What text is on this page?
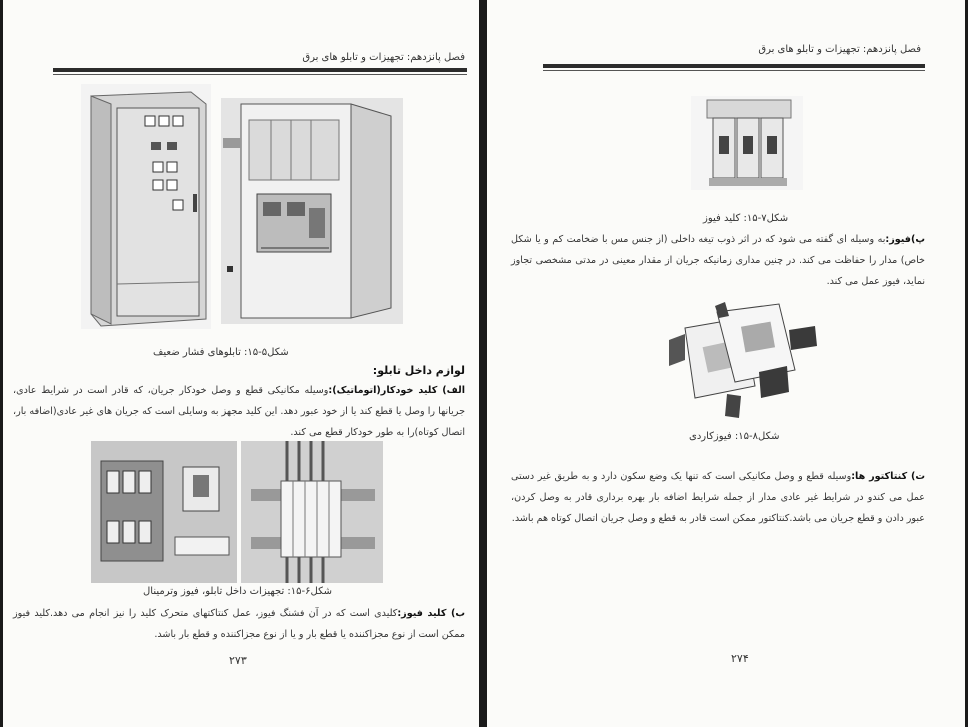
فصل پانزدهم: تجهیزات و تابلو های برق
شکل۵-۱۵: تابلوهای فشار ضعیف
لوازم داخل تابلو:
الف) کلید خودکار(اتوماتیک):وسیله مکانیکی قطع و وصل خودکار جریان، که قادر است در شرایط عادی، جریانها را وصل یا قطع کند یا از خود عبور دهد. این کلید مجهز به وسایلی است که جریان های غیر عادی(اضافه بار، اتصال کوتاه)را به طور خودکار قطع می کند.
شکل۶-۱۵: تجهیزات داخل تابلو، فیوز وترمینال
ب) کلید فیوز:کلیدی است که در آن فشنگ فیوز، عمل کنتاکتهای متحرک کلید را نیز انجام می دهد.کلید فیوز ممکن است از نوع مجزاکننده یا قطع بار و یا از نوع مجزاکننده و قطع بار باشد.
۲۷۳
فصل پانزدهم: تجهیزات و تابلو های برق
شکل۷-۱۵: کلید فیوز
پ)فیوز:به وسیله ای گفته می شود که در اثر ذوب تیغه داخلی (از جنس مس با ضخامت کم و یا شکل خاص) مدار را حفاظت می کند. در چنین مداری زمانیکه جریان از مقدار معینی در مدتی مشخصی تجاوز نماید، فیوز عمل می کند.
شکل۸-۱۵: فیوزکاردی
ت) کنتاکتور ها:وسیله قطع و وصل مکانیکی است که تنها یک وضع سکون دارد و به طریق غیر دستی عمل می کندو در شرایط غیر عادی مدار از جمله شرایط اضافه بار بهره برداری قادر به وصل کردن، عبور دادن و قطع جریان می باشد.کنتاکتور ممکن است قادر به قطع و وصل جریان اتصال کوتاه هم باشد.
۲۷۴
